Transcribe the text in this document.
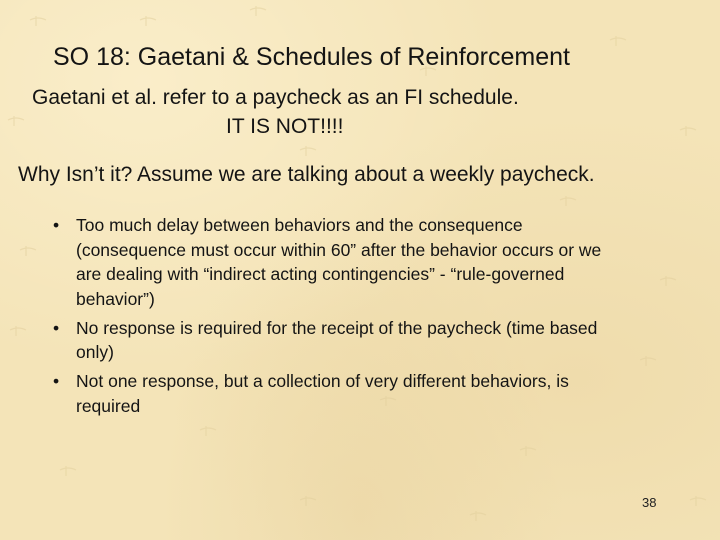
SO 18: Gaetani & Schedules of Reinforcement
Gaetani et al. refer to a paycheck as an FI schedule.
IT IS NOT!!!!
Why Isn’t it? Assume we are talking about a weekly paycheck.
• Too much delay between behaviors and the consequence (consequence must occur within 60” after the behavior occurs or we are dealing with “indirect acting contingencies” - “rule-governed behavior”)
• No response is required for the receipt of the paycheck (time based only)
• Not one response, but a collection of very different behaviors, is required
38
